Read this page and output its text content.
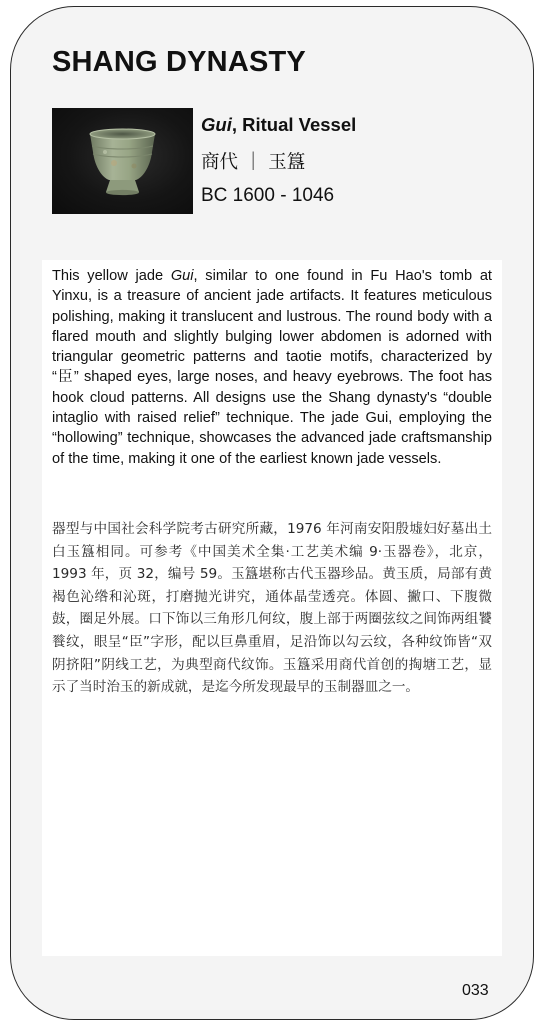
SHANG DYNASTY
Gui, Ritual Vessel
商代 ｜ 玉簋
BC 1600 - 1046

This yellow jade Gui, similar to one found in Fu Hao's tomb at Yinxu, is a treasure of ancient jade artifacts. It features meticulous polishing, making it translucent and lustrous. The round body with a flared mouth and slightly bulging lower abdomen is adorned with triangular geometric patterns and taotie motifs, characterized by “臣” shaped eyes, large noses, and heavy eyebrows. The foot has hook cloud patterns. All designs use the Shang dynasty's “double intaglio with raised relief” technique. The jade Gui, employing the “hollowing” technique, showcases the advanced jade craftsmanship of the time, making it one of the earliest known jade vessels.

器型与中国社会科学院考古研究所藏，1976 年河南安阳殷墟妇好墓出土白玉簋相同。可参考《中国美术全集·工艺美术编 9·玉器卷》，北京，1993 年，页 32，编号 59。玉簋堪称古代玉器珍品。黄玉质，局部有黄褐色沁绺和沁斑，打磨抛光讲究，通体晶莹透亮。体圆、撇口、下腹微鼓，圈足外展。口下饰以三角形几何纹，腹上部于两圈弦纹之间饰两组饕餮纹，眼呈“臣”字形，配以巨鼻重眉，足沿饰以勾云纹，各种纹饰皆“双阴挤阳”阴线工艺，为典型商代纹饰。玉簋采用商代首创的掏塘工艺，显示了当时治玉的新成就，是迄今所发现最早的玉制器皿之一。

033
